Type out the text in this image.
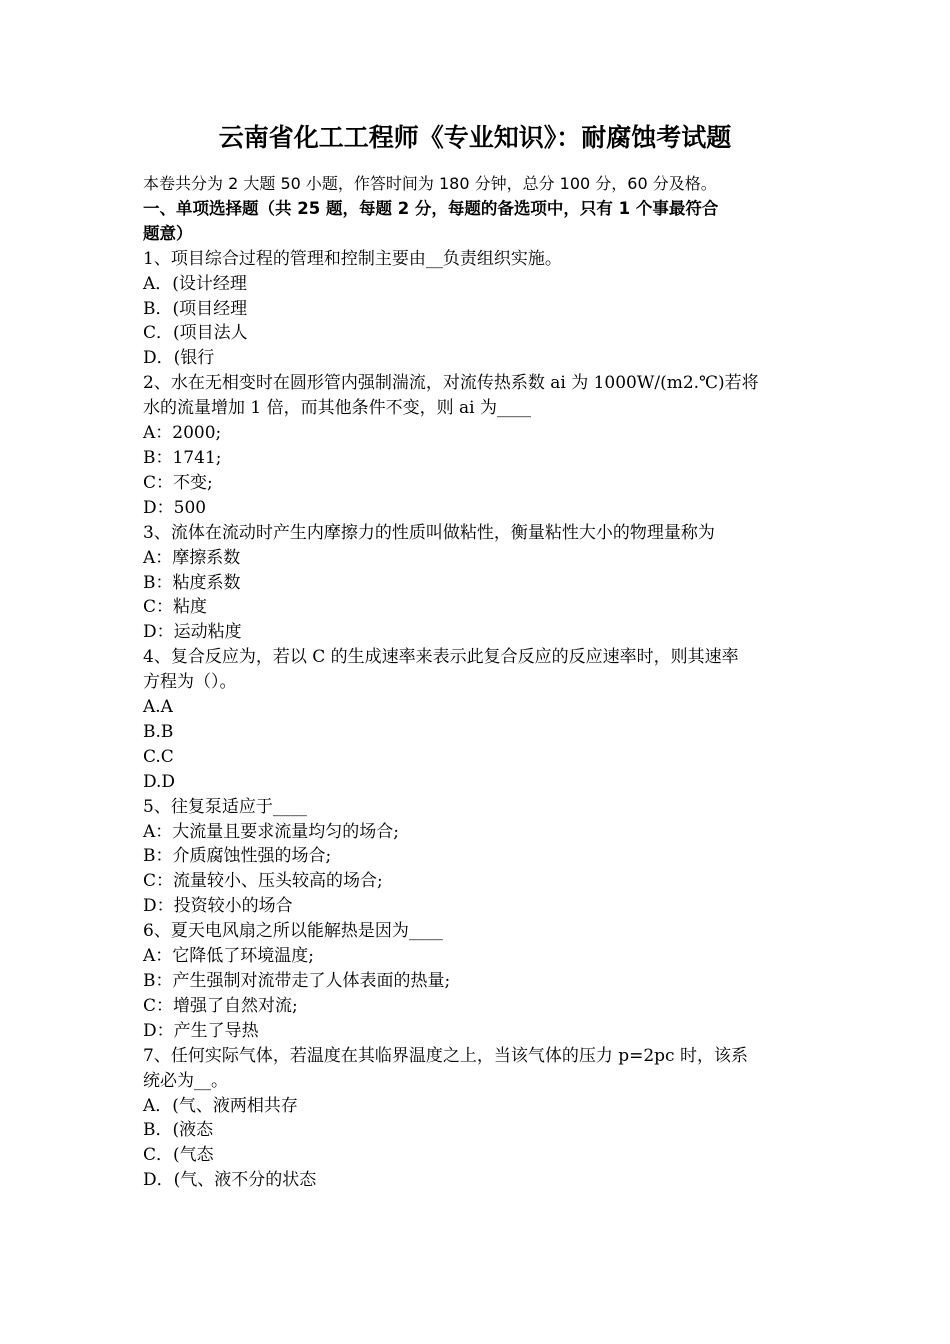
云南省化工工程师《专业知识》：耐腐蚀考试题
本卷共分为 2 大题 50 小题，作答时间为 180 分钟，总分 100 分，60 分及格。
一、单项选择题（共 25 题，每题 2 分，每题的备选项中，只有 1 个事最符合
题意）
1、项目综合过程的管理和控制主要由__负责组织实施。
A．(设计经理
B．(项目经理
C．(项目法人
D．(银行
2、水在无相变时在圆形管内强制湍流，对流传热系数 ai 为 1000W/(m2.℃)若将
水的流量增加 1 倍，而其他条件不变，则 ai 为____
A：2000;
B：1741;
C：不变;
D：500
3、流体在流动时产生内摩擦力的性质叫做粘性，衡量粘性大小的物理量称为
A：摩擦系数
B：粘度系数
C：粘度
D：运动粘度
4、复合反应为，若以 C 的生成速率来表示此复合反应的反应速率时，则其速率
方程为（）。
A.A
B.B
C.C
D.D
5、往复泵适应于____
A：大流量且要求流量均匀的场合;
B：介质腐蚀性强的场合;
C：流量较小、压头较高的场合;
D：投资较小的场合
6、夏天电风扇之所以能解热是因为____
A：它降低了环境温度;
B：产生强制对流带走了人体表面的热量;
C：增强了自然对流;
D：产生了导热
7、任何实际气体，若温度在其临界温度之上，当该气体的压力 p=2pc 时，该系
统必为__。
A．(气、液两相共存
B．(液态
C．(气态
D．(气、液不分的状态
